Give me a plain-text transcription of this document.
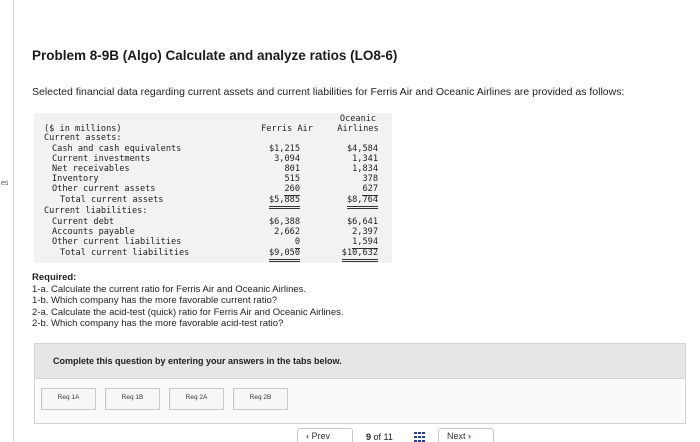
es
Problem 8-9B (Algo) Calculate and analyze ratios (LO8-6)
Selected financial data regarding current assets and current liabilities for Ferris Air and Oceanic Airlines are provided as follows:
($ in millions)	Ferris Air
Oceanic
Airlines
Current assets:
Cash and cash equivalents	$1,215	$4,584
Current investments	3,094	1,341
Net receivables	801	1,834
Inventory	515	378
Other current assets	260	627
Total current assets	$5,885	$8,764
Current liabilities:
Current debt	$6,388	$6,641
Accounts payable	2,662	2,397
Other current liabilities	0	1,594
Total current liabilities	$9,050	$10,632
Required:
1-a. Calculate the current ratio for Ferris Air and Oceanic Airlines.
1-b. Which company has the more favorable current ratio?
2-a. Calculate the acid-test (quick) ratio for Ferris Air and Oceanic Airlines.
2-b. Which company has the more favorable acid-test ratio?
Complete this question by entering your answers in the tabs below.
Req 1A	Req 1B	Req 2A	Req 2B
‹ Prev	9 of 11	Next ›
